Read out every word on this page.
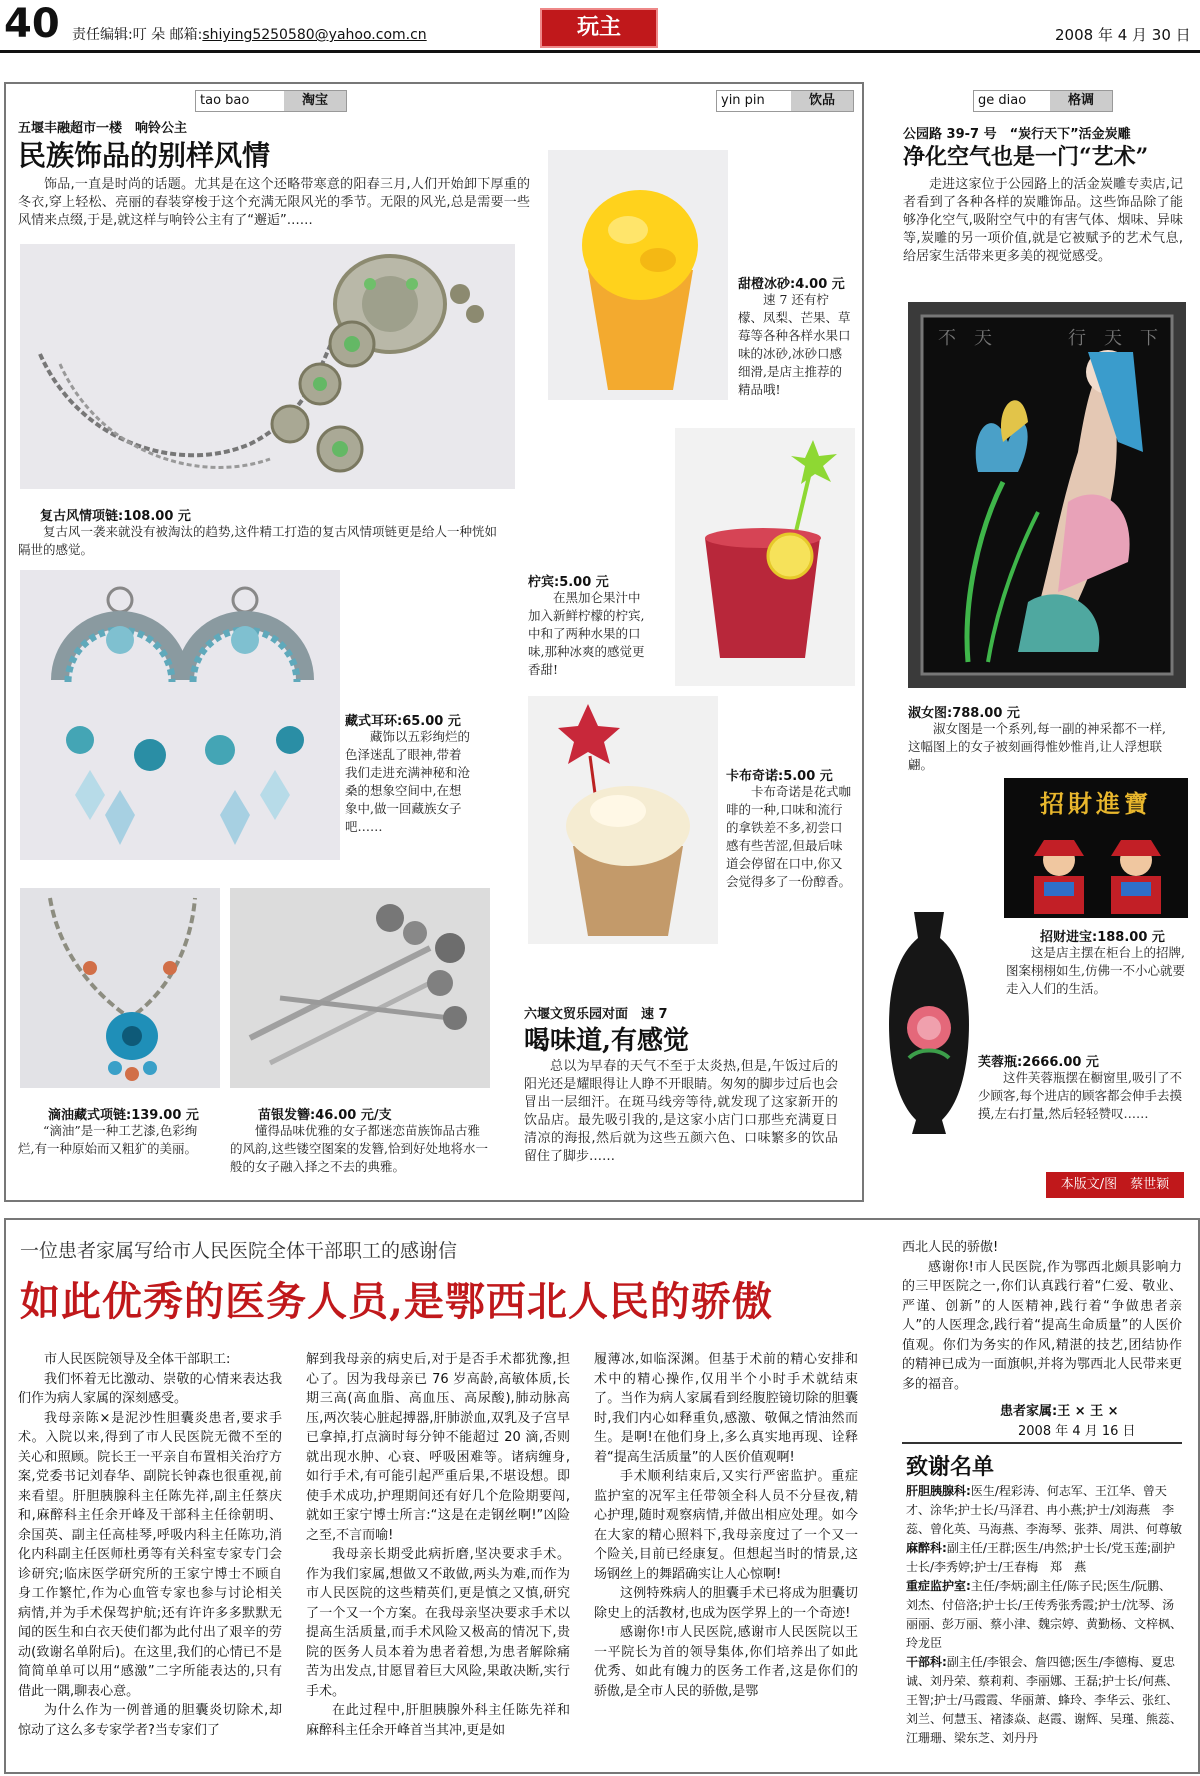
40 责任编辑:叮 朵 邮箱:shiying5250580@yahoo.com.cn	玩主	2008 年 4 月 30 日
tao bao	淘宝
五堰丰融超市一楼　响铃公主
民族饰品的别样风情
饰品,一直是时尚的话题。尤其是在这个还略带寒意的阳春三月,人们开始卸下厚重的冬衣,穿上轻松、亮丽的春装穿梭于这个充满无限风光的季节。无限的风光,总是需要一些风情来点缀,于是,就这样与响铃公主有了“邂逅”……
复古风情项链:108.00 元
复古风一袭来就没有被淘汰的趋势,这件精工打造的复古风情项链更是给人一种恍如隔世的感觉。
藏式耳环:65.00 元
藏饰以五彩绚烂的色泽迷乱了眼神,带着我们走进充满神秘和沧桑的想象空间中,在想象中,做一回藏族女子吧……
滴油藏式项链:139.00 元
“滴油”是一种工艺漆,色彩绚烂,有一种原始而又粗犷的美丽。
苗银发簪:46.00 元/支
懂得品味优雅的女子都迷恋苗族饰品古雅的风韵,这些镂空图案的发簪,恰到好处地将水一般的女子融入择之不去的典雅。
yin pin	饮品
甜橙冰砂:4.00 元
速 7 还有柠檬、凤梨、芒果、草莓等各种各样水果口味的冰砂,冰砂口感细滑,是店主推荐的精品哦!
柠宾:5.00 元
在黑加仑果汁中加入新鲜柠檬的柠宾,中和了两种水果的口味,那种冰爽的感觉更香甜!
卡布奇诺:5.00 元
卡布奇诺是花式咖啡的一种,口味和流行的拿铁差不多,初尝口感有些苦涩,但最后味道会停留在口中,你又会觉得多了一份醇香。
六堰文贸乐园对面　速 7
喝味道,有感觉
总以为早春的天气不至于太炎热,但是,午饭过后的阳光还是耀眼得让人睁不开眼睛。匆匆的脚步过后也会冒出一层细汗。在斑马线旁等待,就发现了这家新开的饮品店。最先吸引我的,是这家小店门口那些充满夏日清凉的海报,然后就为这些五颜六色、口味繁多的饮品留住了脚步……
ge diao	格调
公园路 39-7 号　“炭行天下”活金炭雕
净化空气也是一门“艺术”
走进这家位于公园路上的活金炭雕专卖店,记者看到了各种各样的炭雕饰品。这些饰品除了能够净化空气,吸附空气中的有害气体、烟味、异味等,炭雕的另一项价值,就是它被赋予的艺术气息,给居家生活带来更多美的视觉感受。
不　天	行　天　下
淑女图:788.00 元
淑女图是一个系列,每一副的神采都不一样,这幅图上的女子被刻画得惟妙惟肖,让人浮想联翩。
招財進寶
招财进宝:188.00 元
这是店主摆在柜台上的招牌,图案栩栩如生,仿佛一不小心就要走入人们的生活。
芙蓉瓶:2666.00 元
这件芙蓉瓶摆在橱窗里,吸引了不少顾客,每个进店的顾客都会伸手去摸摸,左右打量,然后轻轻赞叹……
本版文/图　蔡世颖
一位患者家属写给市人民医院全体干部职工的感谢信
如此优秀的医务人员,是鄂西北人民的骄傲

市人民医院领导及全体干部职工:

我们怀着无比激动、崇敬的心情来表达我们作为病人家属的深刻感受。

我母亲陈×是泥沙性胆囊炎患者,要求手术。入院以来,得到了市人民医院无微不至的关心和照顾。院长王一平亲自布置相关治疗方案,党委书记刘春华、副院长钟森也很重视,前来看望。肝胆胰腺科主任陈先祥,副主任蔡庆和,麻醉科主任余开峰及干部科主任徐朝明、余国英、副主任高桂琴,呼吸内科主任陈功,消化内科副主任医师杜勇等有关科室专家专门会诊研究;临床医学研究所的王家宁博士不顾自身工作繁忙,作为心血管专家也参与讨论相关病情,并为手术保驾护航;还有许许多多默默无闻的医生和白衣天使们都为此付出了艰辛的劳动(致谢名单附后)。在这里,我们的心情已不是简简单单可以用“感激”二字所能表达的,只有借此一隅,聊表心意。

为什么作为一例普通的胆囊炎切除术,却惊动了这么多专家学者?当专家们了

解到我母亲的病史后,对于是否手术都犹豫,担心了。因为我母亲已 76 岁高龄,高敏体质,长期三高(高血脂、高血压、高尿酸),肺动脉高压,两次装心脏起搏器,肝肺淤血,双乳及子宫早已拿掉,打点滴时每分钟不能超过 20 滴,否则就出现水肿、心衰、呼吸困难等。诸病缠身,如行手术,有可能引起严重后果,不堪设想。即使手术成功,护理期间还有好几个危险期要闯,就如王家宁博士所言:“这是在走钢丝啊!”凶险之至,不言而喻!

我母亲长期受此病折磨,坚决要求手术。作为我们家属,想做又不敢做,两头为难,而作为市人民医院的这些精英们,更是慎之又慎,研究了一个又一个方案。在我母亲坚决要求手术以提高生活质量,而手术风险又极高的情况下,贵院的医务人员本着为患者着想,为患者解除痛苦为出发点,甘愿冒着巨大风险,果敢决断,实行手术。

在此过程中,肝胆胰腺外科主任陈先祥和麻醉科主任余开峰首当其冲,更是如

履薄冰,如临深渊。但基于术前的精心安排和术中的精心操作,仅用半个小时手术就结束了。当作为病人家属看到经腹腔镜切除的胆囊时,我们内心如释重负,感激、敬佩之情油然而生。是啊!在他们身上,多么真实地再现、诠释着“提高生活质量”的人医价值观啊!

手术顺利结束后,又实行严密监护。重症监护室的况军主任带领全科人员不分昼夜,精心护理,随时观察病情,并做出相应处理。如今在大家的精心照料下,我母亲度过了一个又一个险关,目前已经康复。但想起当时的情景,这场钢丝上的舞蹈确实让人心惊啊!

这例特殊病人的胆囊手术已将成为胆囊切除史上的活教材,也成为医学界上的一个奇迹!

感谢你!市人民医院,感谢市人民医院以王一平院长为首的领导集体,你们培养出了如此优秀、如此有魄力的医务工作者,这是你们的骄傲,是全市人民的骄傲,是鄂

西北人民的骄傲!

感谢你!市人民医院,作为鄂西北颇具影响力的三甲医院之一,你们认真践行着“仁爱、敬业、严谨、创新”的人医精神,践行着“争做患者亲人”的人医理念,践行着“提高生命质量”的人医价值观。你们为务实的作风,精湛的技艺,团结协作的精神已成为一面旗帜,并将为鄂西北人民带来更多的福音。

患者家属:王 × 王 ×
2008 年 4 月 16 日
致谢名单
肝胆胰腺科:医生/程彩涛、何志军、王江华、曾天才、涂华;护士长/马泽君、冉小燕;护士/刘海燕　李蕊、曾化英、马海燕、李海琴、张莽、周洪、何尊敏
麻醉科:副主任/王群;医生/冉然;护士长/党玉莲;副护士长/李秀婷;护士/王春梅　郑　燕
重症监护室:主任/李炳;副主任/陈子民;医生/阮鹏、刘杰、付倍洛;护士长/王传秀张秀霞;护士/沈琴、汤丽丽、彭万丽、蔡小津、魏宗婷、黄勤杨、文梓枫、玲龙臣
干部科:副主任/李银会、詹四德;医生/李德梅、夏忠诚、刘丹荣、蔡莉莉、李丽娜、王磊;护士长/何燕、王智;护士/马霞霞、华丽萧、蜂玲、李华云、张红、刘兰、何慧玉、褚漆焱、赵霞、谢辉、吴瑾、熊蕊、江珊珊、梁东芝、刘丹丹
